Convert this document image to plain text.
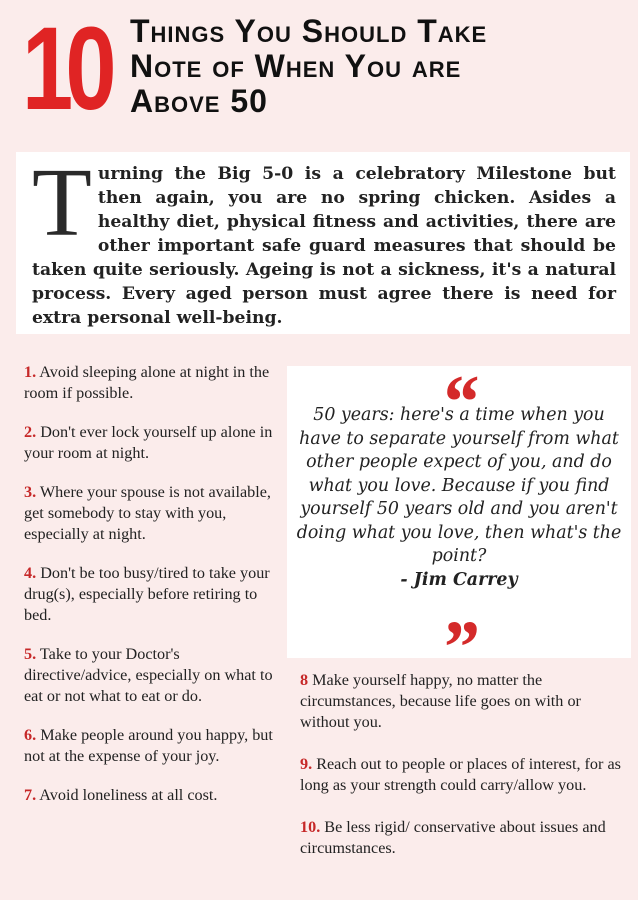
10 Things You Should Take
Note of When You are
Above 50

Turning the Big 5-0 is a celebratory Milestone but then again, you are no spring chicken. Asides a healthy diet, physical fitness and activities, there are other important safe guard measures that should be taken quite seriously. Ageing is not a sickness, it's a natural process. Every aged person must agree there is need for extra personal well-being.

1. Avoid sleeping alone at night in the room if possible.
2. Don't ever lock yourself up alone in your room at night.
3. Where your spouse is not available, get somebody to stay with you, especially at night.
4. Don't be too busy/tired to take your drug(s), especially before retiring to bed.
5. Take to your Doctor's directive/advice, especially on what to eat or not what to eat or do.
6. Make people around you happy, but not at the expense of your joy.
7. Avoid loneliness at all cost.
“

50 years: here's a time when you have to separate yourself from what other people expect of you, and do what you love. Because if you find yourself 50 years old and you aren't doing what you love, then what's the point?
- Jim Carrey

”
8 Make yourself happy, no matter the circumstances, because life goes on with or without you.
9. Reach out to people or places of interest, for as long as your strength could carry/allow you.
10. Be less rigid/ conservative about issues and circumstances.
